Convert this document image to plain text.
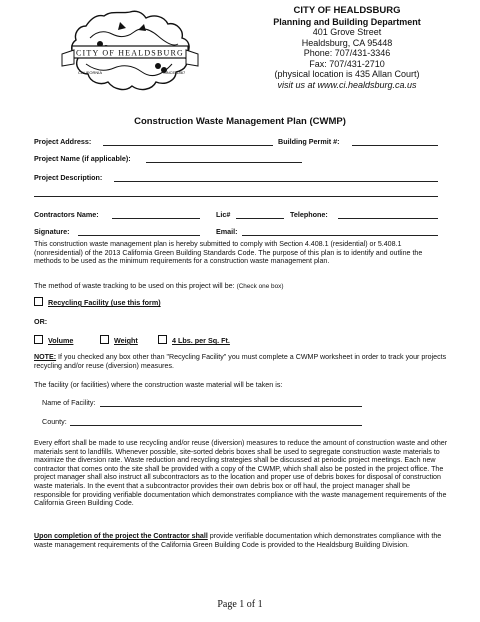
CITY OF HEALDSBURG
CALIFORNIA	SINCE 1867
CITY OF HEALDSBURG
Planning and Building Department
401 Grove Street
Healdsburg, CA 95448
Phone: 707/431-3346
Fax: 707/431-2710
(physical location is 435 Allan Court)
visit us at www.ci.healdsburg.ca.us
Construction Waste Management Plan (CWMP)
Project Address:	Building Permit #:
Project Name (if applicable):
Project Description:
Contractors Name:	Lic#	Telephone:
Signature:	Email:
This construction waste management plan is hereby submitted to comply with Section 4.408.1 (residential) or 5.408.1 (nonresidential) of the 2013 California Green Building Standards Code. The purpose of this plan is to identify and outline the methods to be used as the minimum requirements for a construction waste management plan.
The method of waste tracking to be used on this project will be: (Check one box)
Recycling Facility (use this form)
OR:
Volume	Weight	4 Lbs. per Sq. Ft.
NOTE: If you checked any box other than "Recycling Facility" you must complete a CWMP worksheet in order to track your projects recycling and/or reuse (diversion) measures.
The facility (or facilities) where the construction waste material will be taken is:
Name of Facility:
County:
Every effort shall be made to use recycling and/or reuse (diversion) measures to reduce the amount of construction waste and other materials sent to landfills. Whenever possible, site-sorted debris boxes shall be used to segregate construction waste materials to maximize the diversion rate. Waste reduction and recycling strategies shall be discussed at periodic project meetings. Each new contractor that comes onto the site shall be provided with a copy of the CWMP, which shall also be posted in the project office. The project manager shall also instruct all subcontractors as to the location and proper use of debris boxes for disposal of construction waste materials. In the event that a subcontractor provides their own debris box or off haul, the project manager shall be responsible for providing verifiable documentation which demonstrates compliance with the waste management requirements of the California Green Building Code.
Upon completion of the project the Contractor shall provide verifiable documentation which demonstrates compliance with the waste management requirements of the California Green Building Code is provided to the Healdsburg Building Division.
Page 1 of 1
